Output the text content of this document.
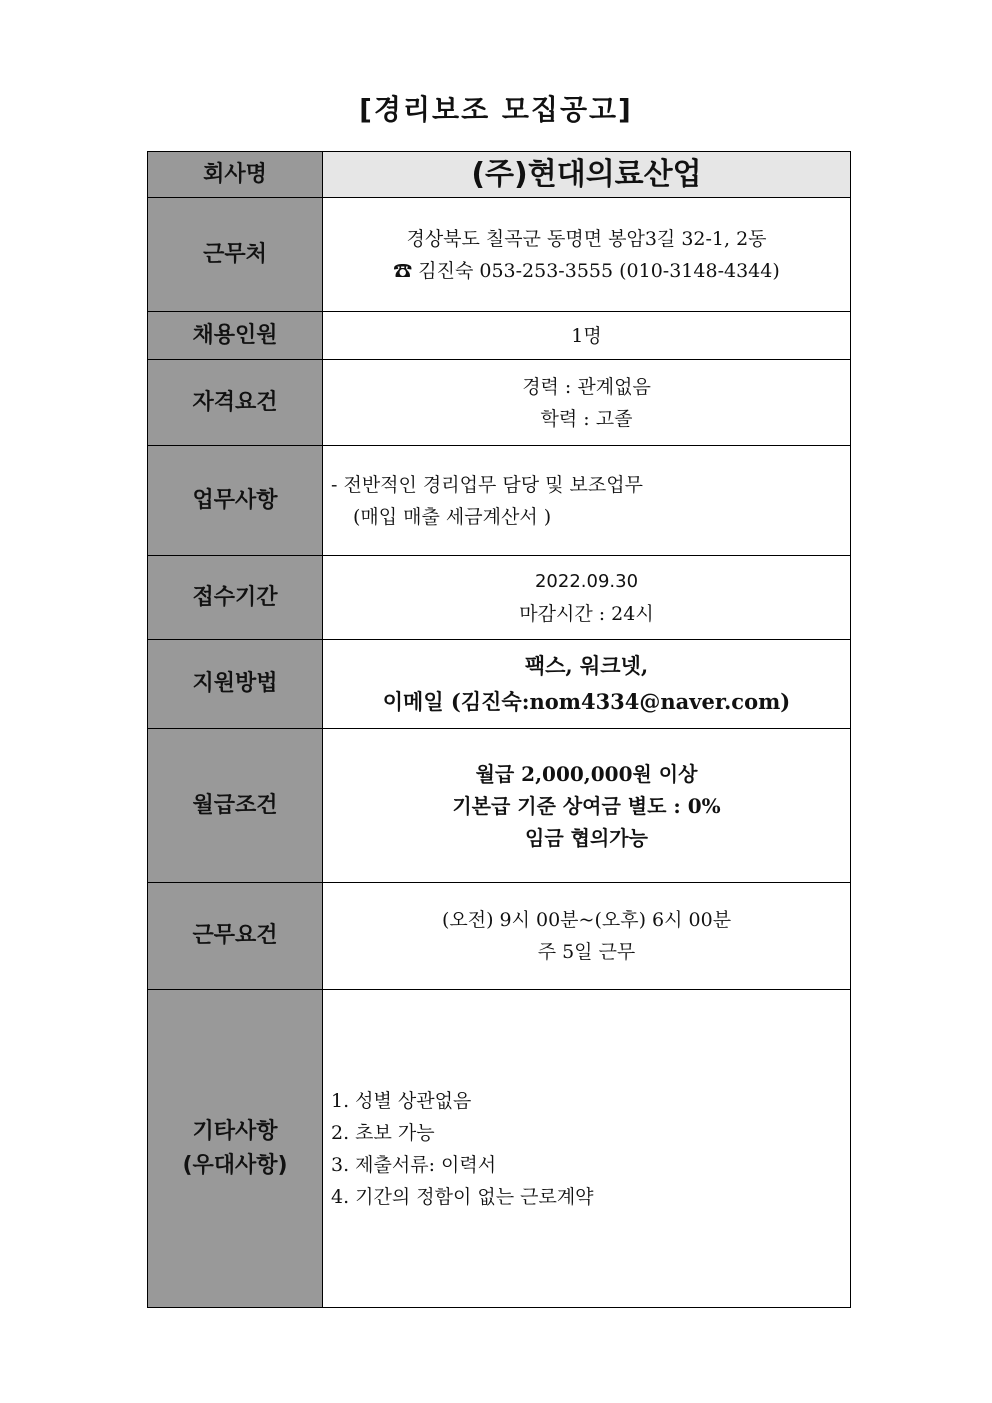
[경리보조 모집공고]
회사명	(주)현대의료산업
근무처	경상북도 칠곡군 동명면 봉암3길 32-1, 2동
☎ 김진숙 053-253-3555 (010-3148-4344)

채용인원	1명
자격요건	경력 : 관계없음
학력 : 고졸

업무사항	- 전반적인 경리업무 담당 및 보조업무
(매입 매출 세금계산서 )

접수기간	2022.09.30
마감시간 : 24시

지원방법	팩스, 워크넷,
이메일 (김진숙:nom4334@naver.com)

월급조건	월급 2,000,000원 이상
기본급 기준 상여금 별도 : 0%
임금 협의가능

근무요건	(오전) 9시 00분~(오후) 6시 00분
주 5일 근무

기타사항
(우대사항)	1. 성별 상관없음
2. 초보 가능
3. 제출서류: 이력서
4. 기간의 정함이 없는 근로계약
